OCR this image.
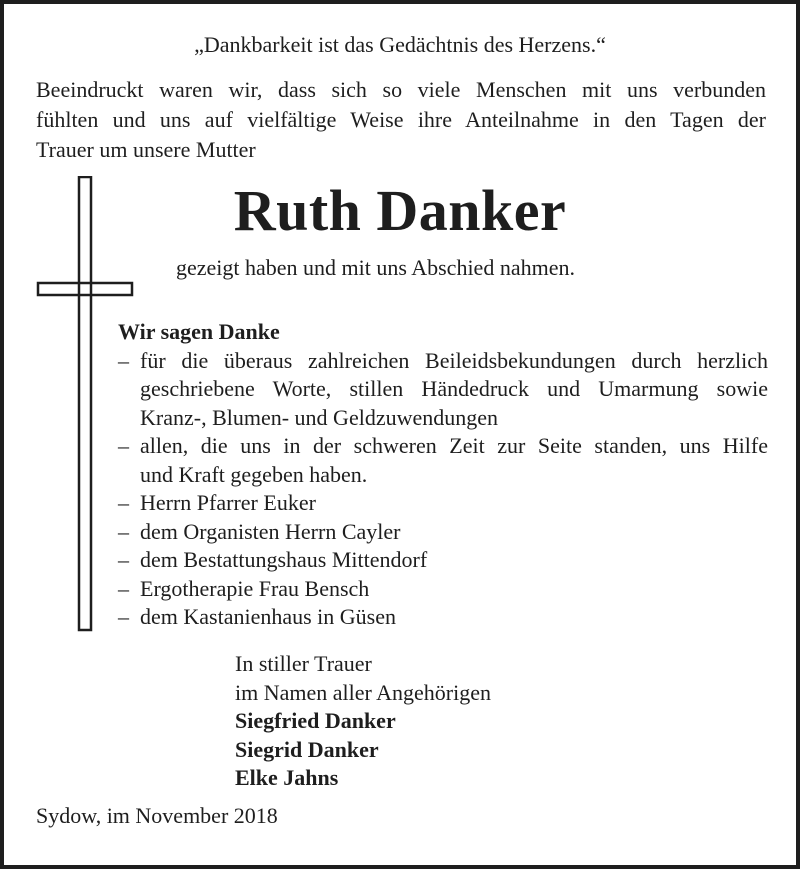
„Dankbarkeit ist das Gedächtnis des Herzens.“
Beeindruckt waren wir, dass sich so viele Menschen mit uns verbunden
fühlten und uns auf vielfältige Weise ihre Anteilnahme in den Tagen der
Trauer um unsere Mutter
Ruth Danker
gezeigt haben und mit uns Abschied nahmen.
Wir sagen Danke
– für die überaus zahlreichen Beileidsbekundungen durch herzlich
geschriebene Worte, stillen Händedruck und Umarmung sowie
Kranz-, Blumen- und Geldzuwendungen
– allen, die uns in der schweren Zeit zur Seite standen, uns Hilfe
und Kraft gegeben haben.
– Herrn Pfarrer Euker
– dem Organisten Herrn Cayler
– dem Bestattungshaus Mittendorf
– Ergotherapie Frau Bensch
– dem Kastanienhaus in Güsen
In stiller Trauer
im Namen aller Angehörigen
Siegfried Danker
Siegrid Danker
Elke Jahns
Sydow, im November 2018
